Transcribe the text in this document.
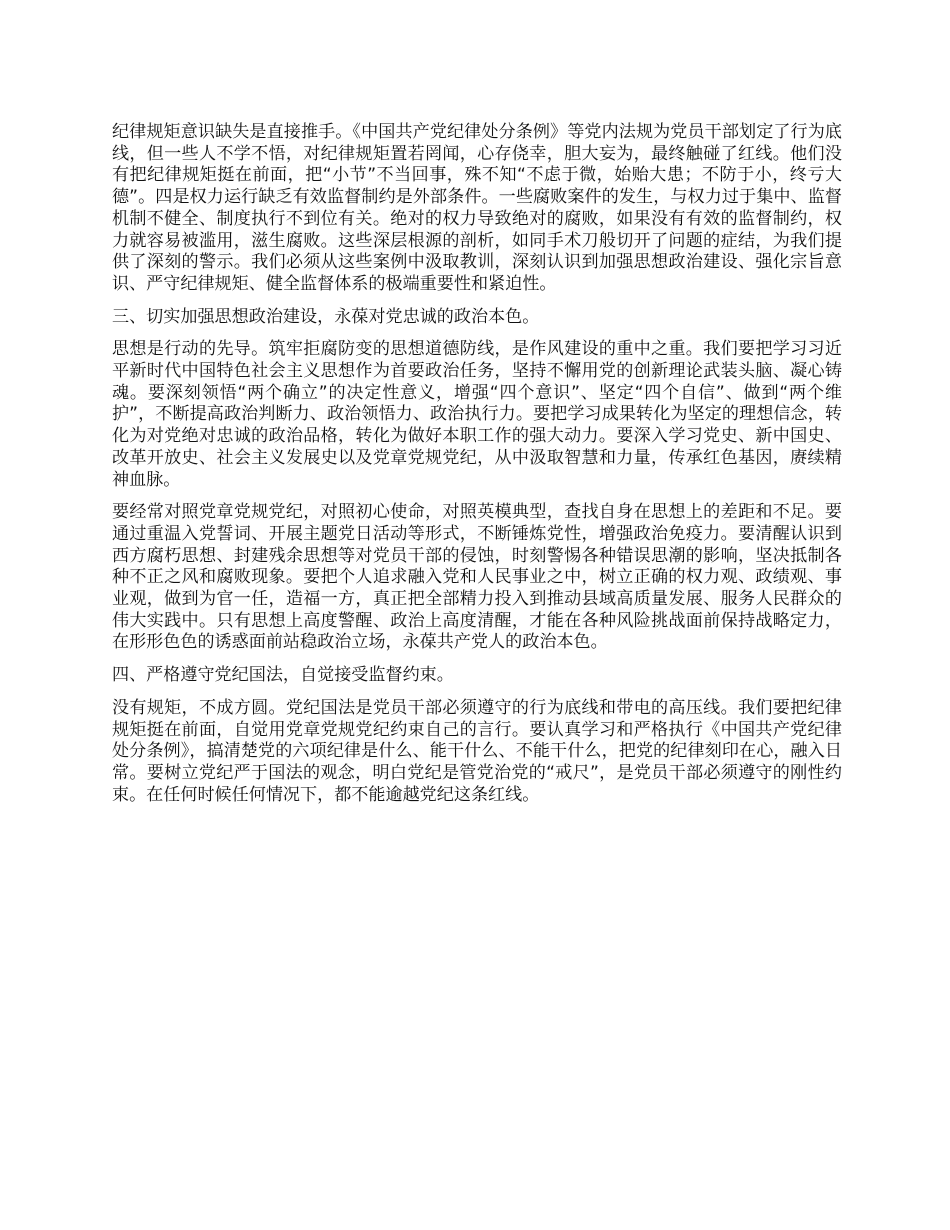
纪律规矩意识缺失是直接推手。《中国共产党纪律处分条例》等党内法规为党员干部划定了行为底线，但一些人不学不悟，对纪律规矩置若罔闻，心存侥幸，胆大妄为，最终触碰了红线。他们没有把纪律规矩挺在前面，把“小节”不当回事，殊不知“不虑于微，始贻大患；不防于小，终亏大德”。四是权力运行缺乏有效监督制约是外部条件。一些腐败案件的发生，与权力过于集中、监督机制不健全、制度执行不到位有关。绝对的权力导致绝对的腐败，如果没有有效的监督制约，权力就容易被滥用，滋生腐败。这些深层根源的剖析，如同手术刀般切开了问题的症结，为我们提供了深刻的警示。我们必须从这些案例中汲取教训，深刻认识到加强思想政治建设、强化宗旨意识、严守纪律规矩、健全监督体系的极端重要性和紧迫性。

三、切实加强思想政治建设，永葆对党忠诚的政治本色。

思想是行动的先导。筑牢拒腐防变的思想道德防线，是作风建设的重中之重。我们要把学习习近平新时代中国特色社会主义思想作为首要政治任务，坚持不懈用党的创新理论武装头脑、凝心铸魂。要深刻领悟“两个确立”的决定性意义，增强“四个意识”、坚定“四个自信”、做到“两个维护”，不断提高政治判断力、政治领悟力、政治执行力。要把学习成果转化为坚定的理想信念，转化为对党绝对忠诚的政治品格，转化为做好本职工作的强大动力。要深入学习党史、新中国史、改革开放史、社会主义发展史以及党章党规党纪，从中汲取智慧和力量，传承红色基因，赓续精神血脉。

要经常对照党章党规党纪，对照初心使命，对照英模典型，查找自身在思想上的差距和不足。要通过重温入党誓词、开展主题党日活动等形式，不断锤炼党性，增强政治免疫力。要清醒认识到西方腐朽思想、封建残余思想等对党员干部的侵蚀，时刻警惕各种错误思潮的影响，坚决抵制各种不正之风和腐败现象。要把个人追求融入党和人民事业之中，树立正确的权力观、政绩观、事业观，做到为官一任，造福一方，真正把全部精力投入到推动县域高质量发展、服务人民群众的伟大实践中。只有思想上高度警醒、政治上高度清醒，才能在各种风险挑战面前保持战略定力，在形形色色的诱惑面前站稳政治立场，永葆共产党人的政治本色。

四、严格遵守党纪国法，自觉接受监督约束。

没有规矩，不成方圆。党纪国法是党员干部必须遵守的行为底线和带电的高压线。我们要把纪律规矩挺在前面，自觉用党章党规党纪约束自己的言行。要认真学习和严格执行《中国共产党纪律处分条例》，搞清楚党的六项纪律是什么、能干什么、不能干什么，把党的纪律刻印在心，融入日常。要树立党纪严于国法的观念，明白党纪是管党治党的“戒尺”，是党员干部必须遵守的刚性约束。在任何时候任何情况下，都不能逾越党纪这条红线。
